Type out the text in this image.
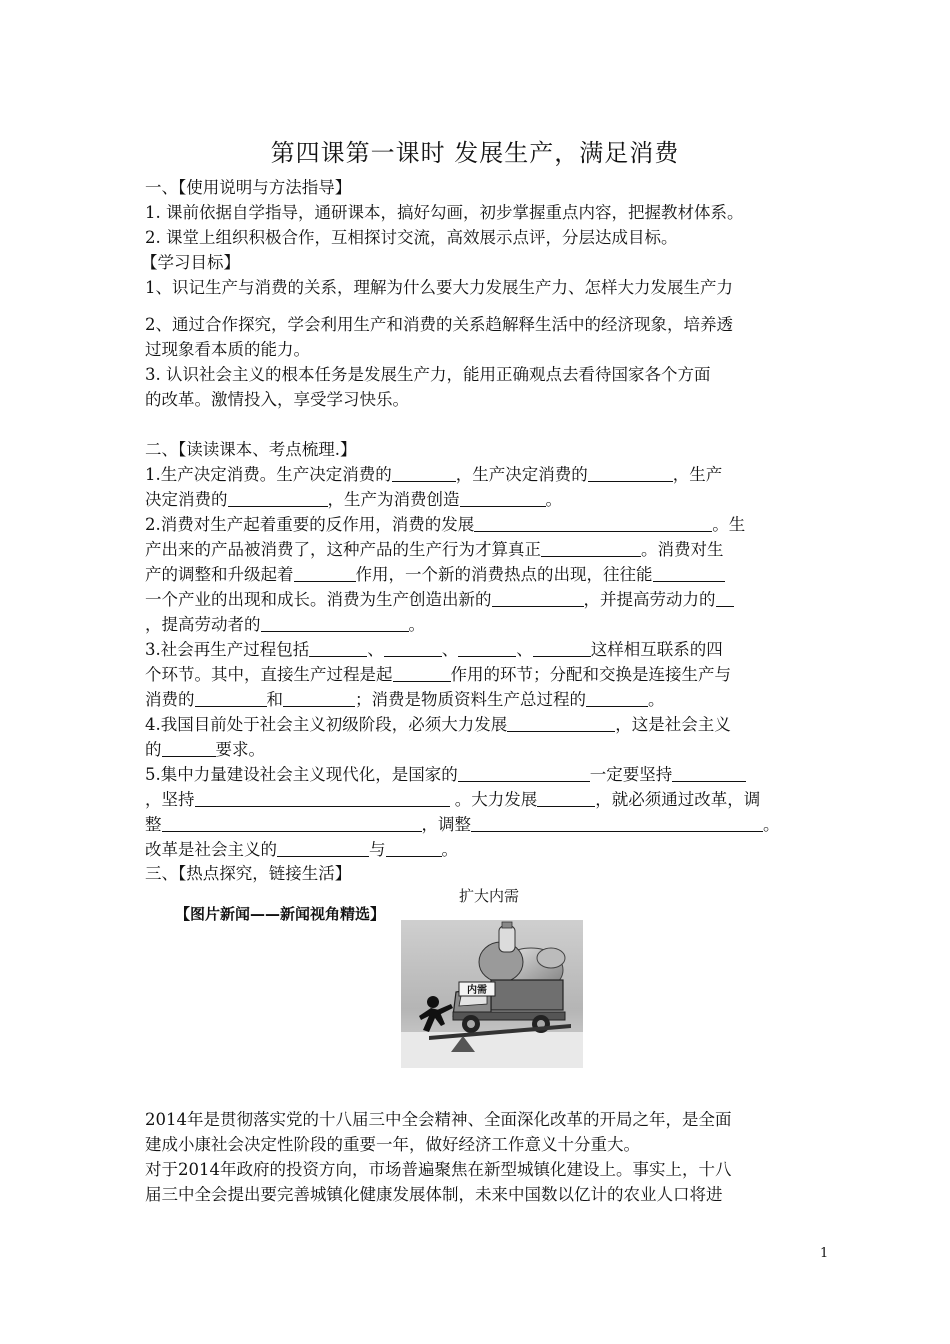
第四课第一课时 发展生产，满足消费
一、【使用说明与方法指导】
1. 课前依据自学指导，通研课本，搞好勾画，初步掌握重点内容，把握教材体系。
2. 课堂上组织积极合作，互相探讨交流，高效展示点评，分层达成目标。
【学习目标】
1、识记生产与消费的关系，理解为什么要大力发展生产力、怎样大力发展生产力
2、通过合作探究，学会利用生产和消费的关系趋解释生活中的经济现象，培养透
过现象看本质的能力。
3. 认识社会主义的根本任务是发展生产力，能用正确观点去看待国家各个方面
的改革。激情投入，享受学习快乐。
二、【读读课本、考点梳理.】
1.生产决定消费。生产决定消费的	，生产决定消费的	，生产
决定消费的	，生产为消费创造	。
2.消费对生产起着重要的反作用，消费的发展	。生
产出来的产品被消费了，这种产品的生产行为才算真正	。消费对生
产的调整和升级起着	作用，一个新的消费热点的出现，往往能
一个产业的出现和成长。消费为生产创造出新的	，并提高劳动力的
，提高劳动者的	。
3.社会再生产过程包括	、	、	、	这样相互联系的四
个环节。其中，直接生产过程是起	作用的环节；分配和交换是连接生产与
消费的	和	；消费是物质资料生产总过程的	。
4.我国目前处于社会主义初级阶段，必须大力发展	，这是社会主义
的	要求。
5.集中力量建设社会主义现代化，是国家的	一定要坚持
，坚持	。大力发展	，就必须通过改革，调
整	，调整	。
改革是社会主义的	与	。
三、【热点探究，链接生活】
扩大内需
【图片新闻——新闻视角精选】
内需
2014年是贯彻落实党的十八届三中全会精神、全面深化改革的开局之年，是全面
建成小康社会决定性阶段的重要一年，做好经济工作意义十分重大。
对于2014年政府的投资方向，市场普遍聚焦在新型城镇化建设上。事实上，十八
届三中全会提出要完善城镇化健康发展体制，未来中国数以亿计的农业人口将进
1
